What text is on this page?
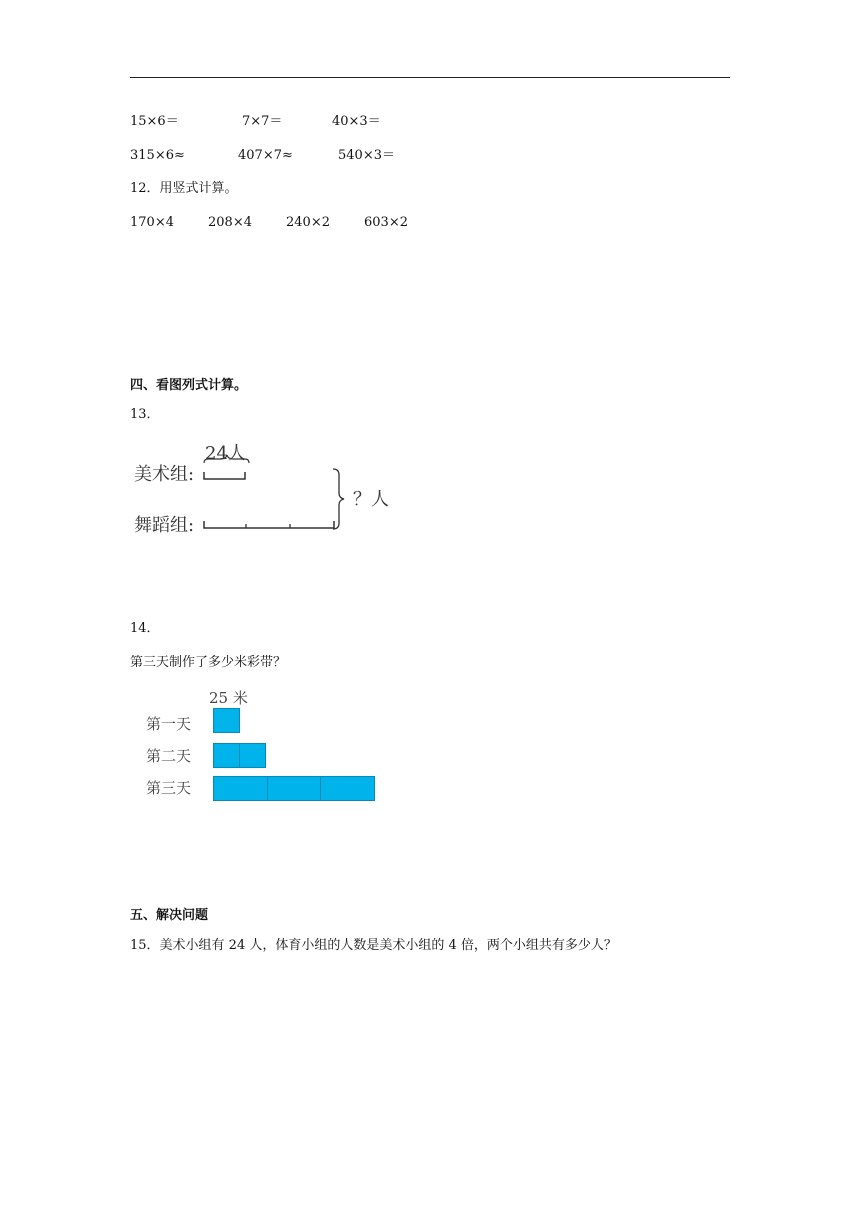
15×6＝	7×7＝	40×3＝
315×6≈	407×7≈	540×3＝
12．用竖式计算。
170×4	208×4	240×2	603×2
四、看图列式计算。
13．
24人
美术组:
舞蹈组:
？人
14．
第三天制作了多少米彩带？
25 米
第一天
第二天
第三天
五、解决问题
15．美术小组有 24 人，体育小组的人数是美术小组的 4 倍，两个小组共有多少人？
